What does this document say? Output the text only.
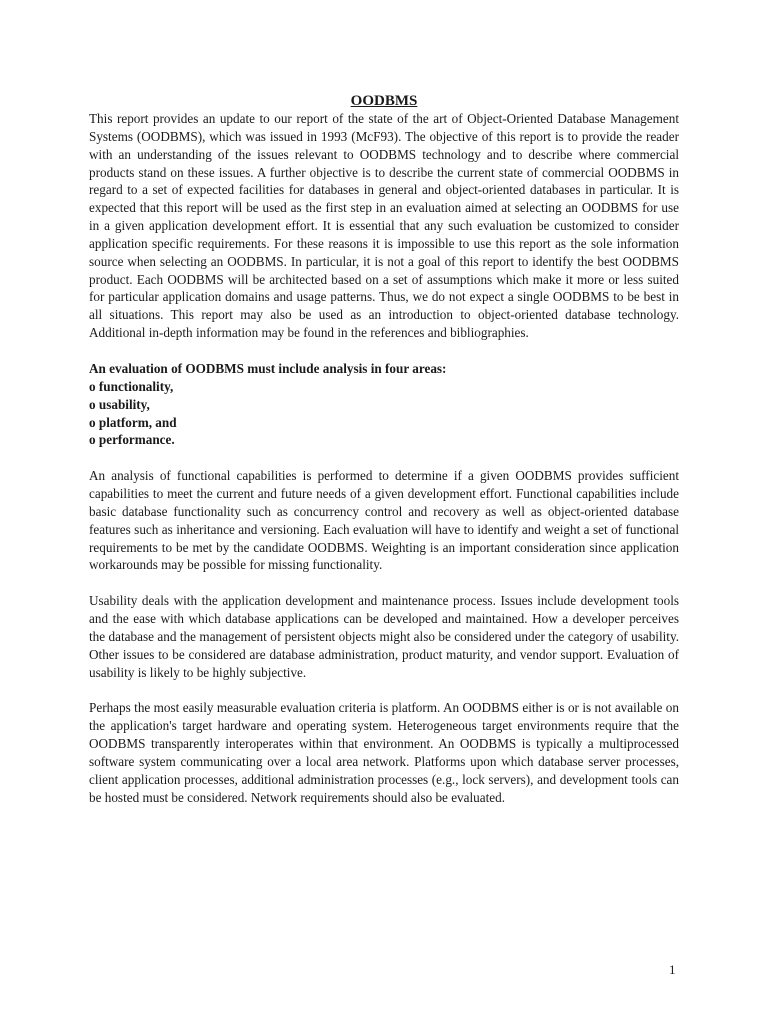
OODBMS

This report provides an update to our report of the state of the art of Object-Oriented Database Management Systems (OODBMS), which was issued in 1993 (McF93). The objective of this report is to provide the reader with an understanding of the issues relevant to OODBMS technology and to describe where commercial products stand on these issues. A further objective is to describe the current state of commercial OODBMS in regard to a set of expected facilities for databases in general and object-oriented databases in particular. It is expected that this report will be used as the first step in an evaluation aimed at selecting an OODBMS for use in a given application development effort. It is essential that any such evaluation be customized to consider application specific requirements. For these reasons it is impossible to use this report as the sole information source when selecting an OODBMS. In particular, it is not a goal of this report to identify the best OODBMS product. Each OODBMS will be architected based on a set of assumptions which make it more or less suited for particular application domains and usage patterns. Thus, we do not expect a single OODBMS to be best in all situations. This report may also be used as an introduction to object-oriented database technology. Additional in-depth information may be found in the references and bibliographies.

An evaluation of OODBMS must include analysis in four areas:

o functionality,

o usability,

o platform, and

o performance.

An analysis of functional capabilities is performed to determine if a given OODBMS provides sufficient capabilities to meet the current and future needs of a given development effort. Functional capabilities include basic database functionality such as concurrency control and recovery as well as object-oriented database features such as inheritance and versioning. Each evaluation will have to identify and weight a set of functional requirements to be met by the candidate OODBMS. Weighting is an important consideration since application workarounds may be possible for missing functionality.

Usability deals with the application development and maintenance process. Issues include development tools and the ease with which database applications can be developed and maintained. How a developer perceives the database and the management of persistent objects might also be considered under the category of usability. Other issues to be considered are database administration, product maturity, and vendor support. Evaluation of usability is likely to be highly subjective.

Perhaps the most easily measurable evaluation criteria is platform. An OODBMS either is or is not available on the application's target hardware and operating system. Heterogeneous target environments require that the OODBMS transparently interoperates within that environment. An OODBMS is typically a multiprocessed software system communicating over a local area network. Platforms upon which database server processes, client application processes, additional administration processes (e.g., lock servers), and development tools can be hosted must be considered. Network requirements should also be evaluated.

1
